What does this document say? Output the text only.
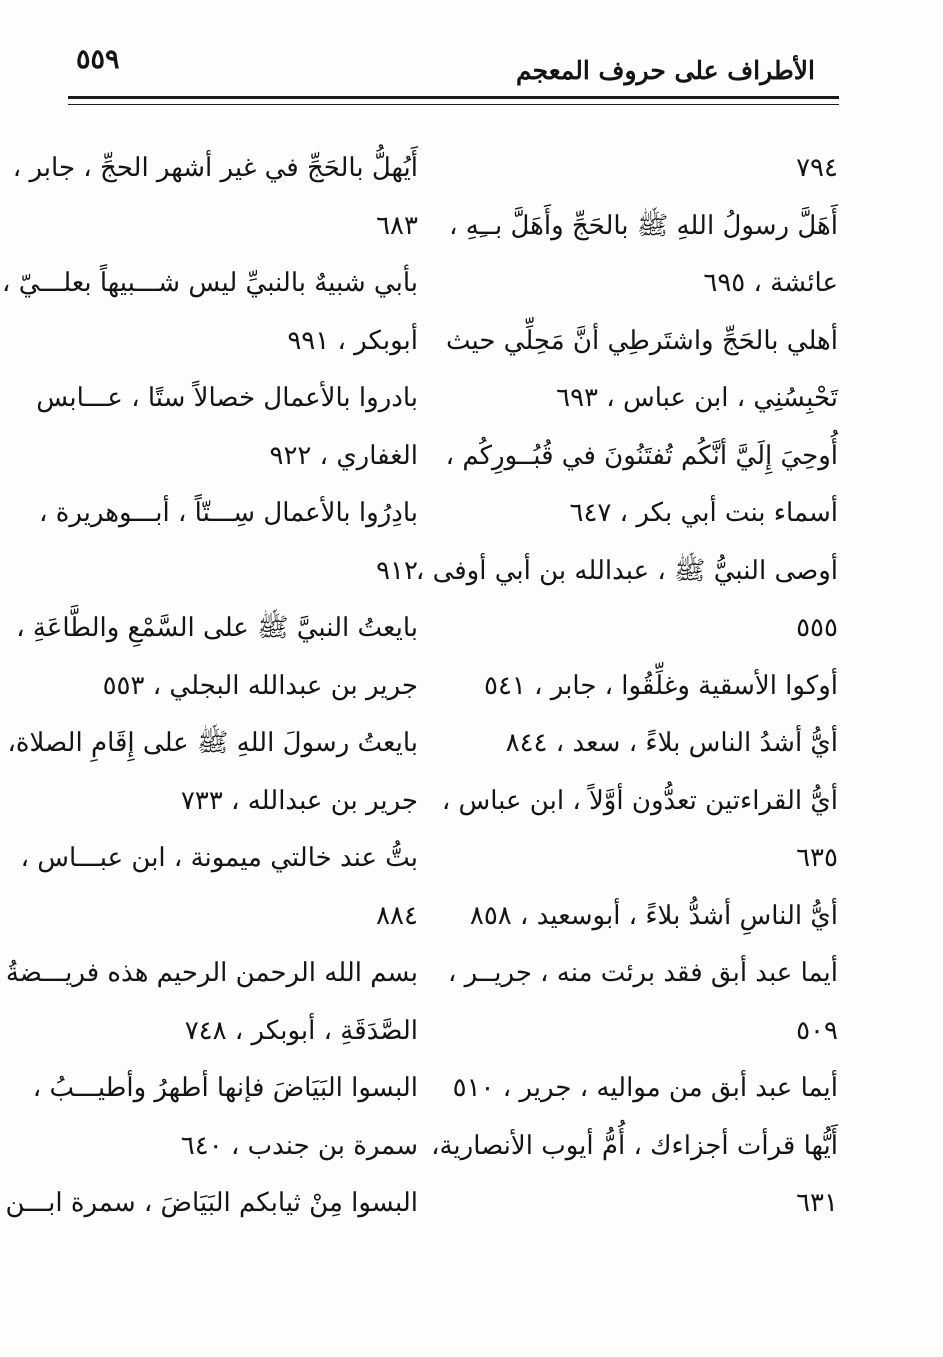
٥٥٩	الأطراف على حروف المعجم
٧٩٤
أَهَلَّ رسولُ اللهِ ﷺ بالحَجِّ وأَهَلَّ بــِهِ ،
عائشة ، ٦٩٥
أهلي بالحَجِّ واشتَرطِي أنَّ مَحِلِّي حيث
تَحْبِسُنِي ، ابن عباس ، ٦٩٣
أُوحِيَ إِلَيَّ أنَّكُم تُفتَنُونَ في قُبُــورِكُم ،
أسماء بنت أبي بكر ، ٦٤٧
أوصى النبيُّ ﷺ ، عبدالله بن أبي أوفى ،
٥٥٥
أوكوا الأسقية وغلِّقُوا ، جابر ، ٥٤١
أيُّ أشدُ الناس بلاءً ، سعد ، ٨٤٤
أيُّ القراءتين تعدُّون أوَّلاً ، ابن عباس ،
٦٣٥
أيُّ الناسِ أشدُّ بلاءً ، أبوسعيد ، ٨٥٨
أيما عبد أبق فقد برئت منه ، جريــر ،
٥٠٩
أيما عبد أبق من مواليه ، جرير ، ٥١٠
أَيُّها قرأت أجزاءك ، أُمُّ أيوب الأنصارية،
٦٣١
أَيُهلُّ بالحَجِّ في غير أشهر الحجِّ ، جابر ،
٦٨٣
بأبي شبيهٌ بالنبيِّ ليس شـــبيهاً بعلـــيّ ،
أبوبكر ، ٩٩١
بادروا بالأعمال خصالاً ستًا ، عـــابس
الغفاري ، ٩٢٢
بادِرُوا بالأعمال سِـــتّاً ، أبـــوهريرة ،
٩١٢
بايعتُ النبيَّ ﷺ على السَّمْعِ والطَّاعَةِ ،
جرير بن عبدالله البجلي ، ٥٥٣
بايعتُ رسولَ اللهِ ﷺ على إِقَامِ الصلاة،
جرير بن عبدالله ، ٧٣٣
بتُّ عند خالتي ميمونة ، ابن عبـــاس ،
٨٨٤
بسم الله الرحمن الرحيم هذه فريـــضةُ
الصَّدَقَةِ ، أبوبكر ، ٧٤٨
البسوا البَيَاضَ فإنها أطهرُ وأطيـــبُ ،
سمرة بن جندب ، ٦٤٠
البسوا مِنْ ثيابكم البَيَاضَ ، سمرة ابـــن
